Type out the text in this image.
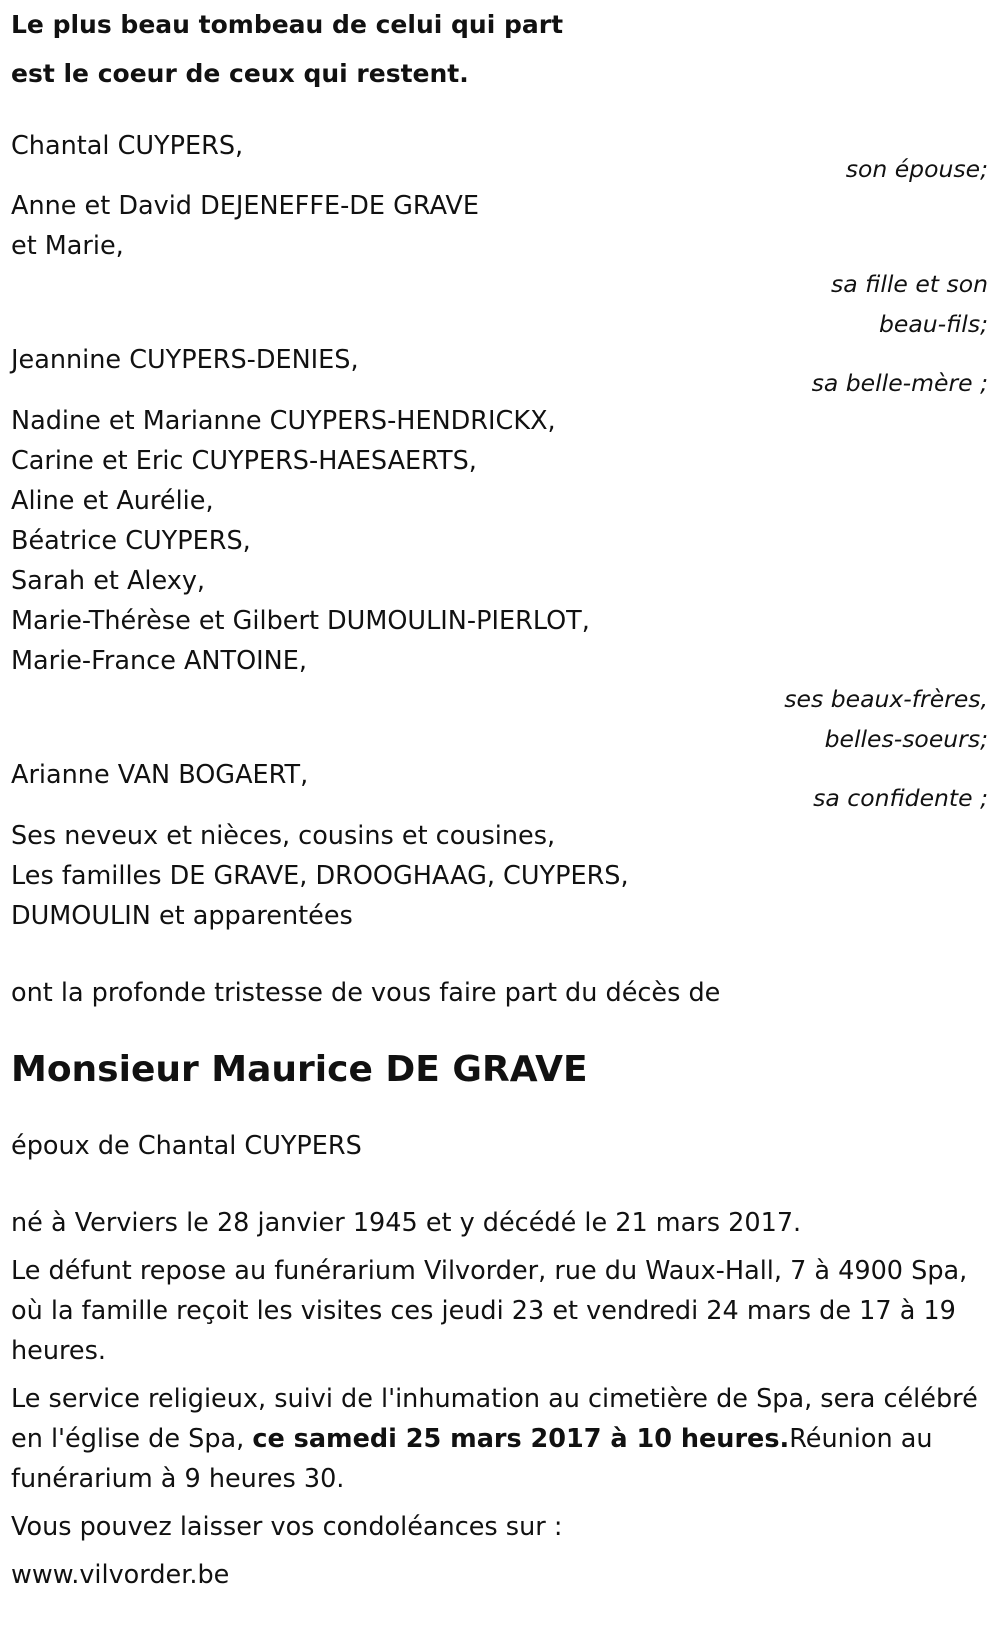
Le plus beau tombeau de celui qui part
est le coeur de ceux qui restent.
Chantal CUYPERS,
son épouse;
Anne et David DEJENEFFE-DE GRAVE
et Marie,
sa fille et son
beau-fils;
Jeannine CUYPERS-DENIES,
sa belle-mère ;
Nadine et Marianne CUYPERS-HENDRICKX,
Carine et Eric CUYPERS-HAESAERTS,
Aline et Aurélie,
Béatrice CUYPERS,
Sarah et Alexy,
Marie-Thérèse et Gilbert DUMOULIN-PIERLOT,
Marie-France ANTOINE,
ses beaux-frères,
belles-soeurs;
Arianne VAN BOGAERT,
sa confidente ;
Ses neveux et nièces, cousins et cousines,
Les familles DE GRAVE, DROOGHAAG, CUYPERS,
DUMOULIN et apparentées
ont la profonde tristesse de vous faire part du décès de
Monsieur Maurice DE GRAVE
époux de Chantal CUYPERS
né à Verviers le 28 janvier 1945 et y décédé le 21 mars 2017.
Le défunt repose au funérarium Vilvorder, rue du Waux-Hall, 7 à 4900 Spa, où la famille reçoit les visites ces jeudi 23 et vendredi 24 mars de 17 à 19 heures.
Le service religieux, suivi de l'inhumation au cimetière de Spa, sera célébré en l'église de Spa, ce samedi 25 mars 2017 à 10 heures.Réunion au funérarium à 9 heures 30.
Vous pouvez laisser vos condoléances sur :
www.vilvorder.be
